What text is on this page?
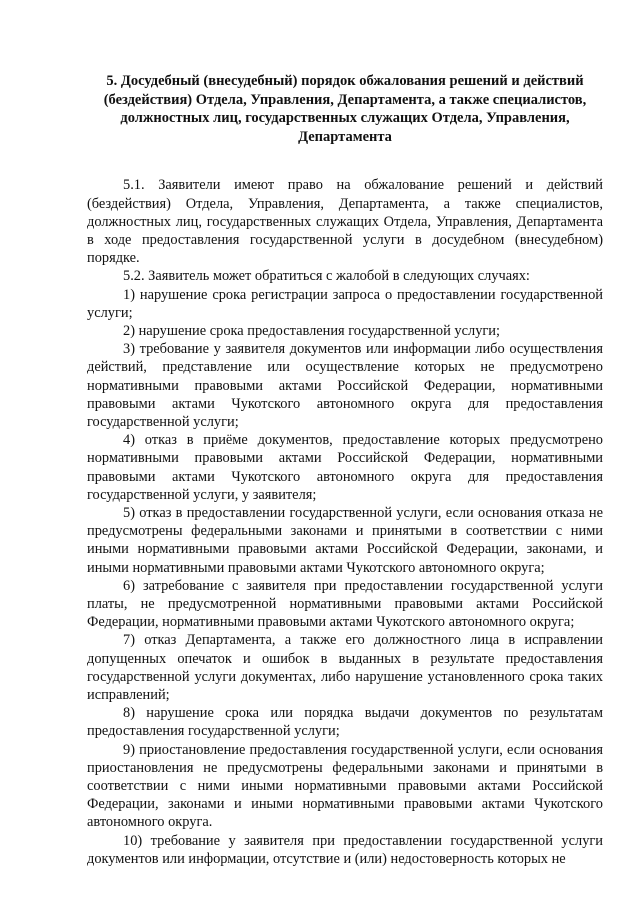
5. Досудебный (внесудебный) порядок обжалования решений и действий (бездействия) Отдела, Управления, Департамента, а также специалистов, должностных лиц, государственных служащих Отдела, Управления, Департамента

5.1. Заявители имеют право на обжалование решений и действий (бездействия) Отдела, Управления, Департамента, а также специалистов, должностных лиц, государственных служащих Отдела, Управления, Департамента в ходе предоставления государственной услуги в досудебном (внесудебном) порядке.

5.2. Заявитель может обратиться с жалобой в следующих случаях:

1) нарушение срока регистрации запроса о предоставлении государственной услуги;

2) нарушение срока предоставления государственной услуги;

3) требование у заявителя документов или информации либо осуществления действий, представление или осуществление которых не предусмотрено нормативными правовыми актами Российской Федерации, нормативными правовыми актами Чукотского автономного округа для предоставления государственной услуги;

4) отказ в приёме документов, предоставление которых предусмотрено нормативными правовыми актами Российской Федерации, нормативными правовыми актами Чукотского автономного округа для предоставления государственной услуги, у заявителя;

5) отказ в предоставлении государственной услуги, если основания отказа не предусмотрены федеральными законами и принятыми в соответствии с ними иными нормативными правовыми актами Российской Федерации, законами, и иными нормативными правовыми актами Чукотского автономного округа;

6) затребование с заявителя при предоставлении государственной услуги платы, не предусмотренной нормативными правовыми актами Российской Федерации, нормативными правовыми актами Чукотского автономного округа;

7) отказ Департамента, а также его должностного лица в исправлении допущенных опечаток и ошибок в выданных в результате предоставления государственной услуги документах, либо нарушение установленного срока таких исправлений;

8) нарушение срока или порядка выдачи документов по результатам предоставления государственной услуги;

9) приостановление предоставления государственной услуги, если основания приостановления не предусмотрены федеральными законами и принятыми в соответствии с ними иными нормативными правовыми актами Российской Федерации, законами и иными нормативными правовыми актами Чукотского автономного округа.

10) требование у заявителя при предоставлении государственной услуги документов или информации, отсутствие и (или) недостоверность которых не
